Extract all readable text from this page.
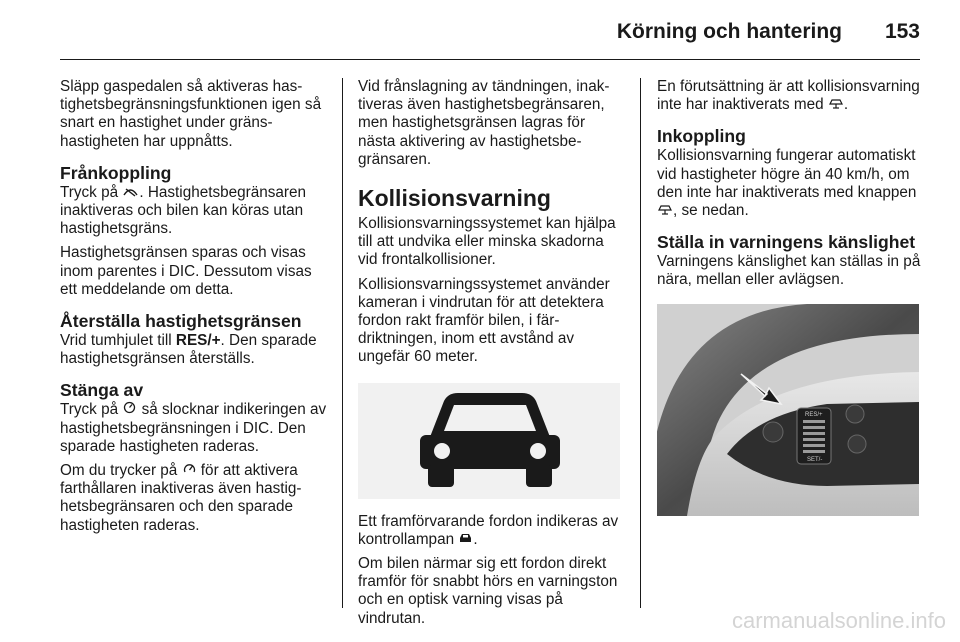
Körning och hantering 153

Släpp gaspedalen så aktiveras hastighetsbegränsningsfunktionen igen så snart en hastighet under gränshastigheten har uppnåtts.

Frånkoppling

Tryck på . Hastighetsbegränsaren inaktiveras och bilen kan köras utan hastighetsgräns.

Hastighetsgränsen sparas och visas inom parentes i DIC. Dessutom visas ett meddelande om detta.

Återställa hastighetsgränsen

Vrid tumhjulet till RES/+. Den sparade hastighetsgränsen återställs.

Stänga av

Tryck på  så slocknar indikeringen av hastighetsbegränsningen i DIC. Den sparade hastigheten raderas.

Om du trycker på  för att aktivera farthållaren inaktiveras även hastighetsbegränsaren och den sparade hastigheten raderas.

Vid frånslagning av tändningen, inaktiveras även hastighetsbegränsaren, men hastighetsgränsen lagras för nästa aktivering av hastighetsbegränsaren.

Kollisionsvarning

Kollisionsvarningssystemet kan hjälpa till att undvika eller minska skadorna vid frontalkollisioner.

Kollisionsvarningssystemet använder kameran i vindrutan för att detektera fordon rakt framför bilen, i färdriktningen, inom ett avstånd av ungefär 60 meter.

Ett framförvarande fordon indikeras av kontrollampan .

Om bilen närmar sig ett fordon direkt framför för snabbt hörs en varningston och en optisk varning visas på vindrutan.

En förutsättning är att kollisionsvarning inte har inaktiverats med .

Inkoppling

Kollisionsvarning fungerar automatiskt vid hastigheter högre än 40 km/h, om den inte har inaktiverats med knappen , se nedan.

Ställa in varningens känslighet

Varningens känslighet kan ställas in på nära, mellan eller avlägsen.

RES/+
SET/-
carmanualsonline.info
